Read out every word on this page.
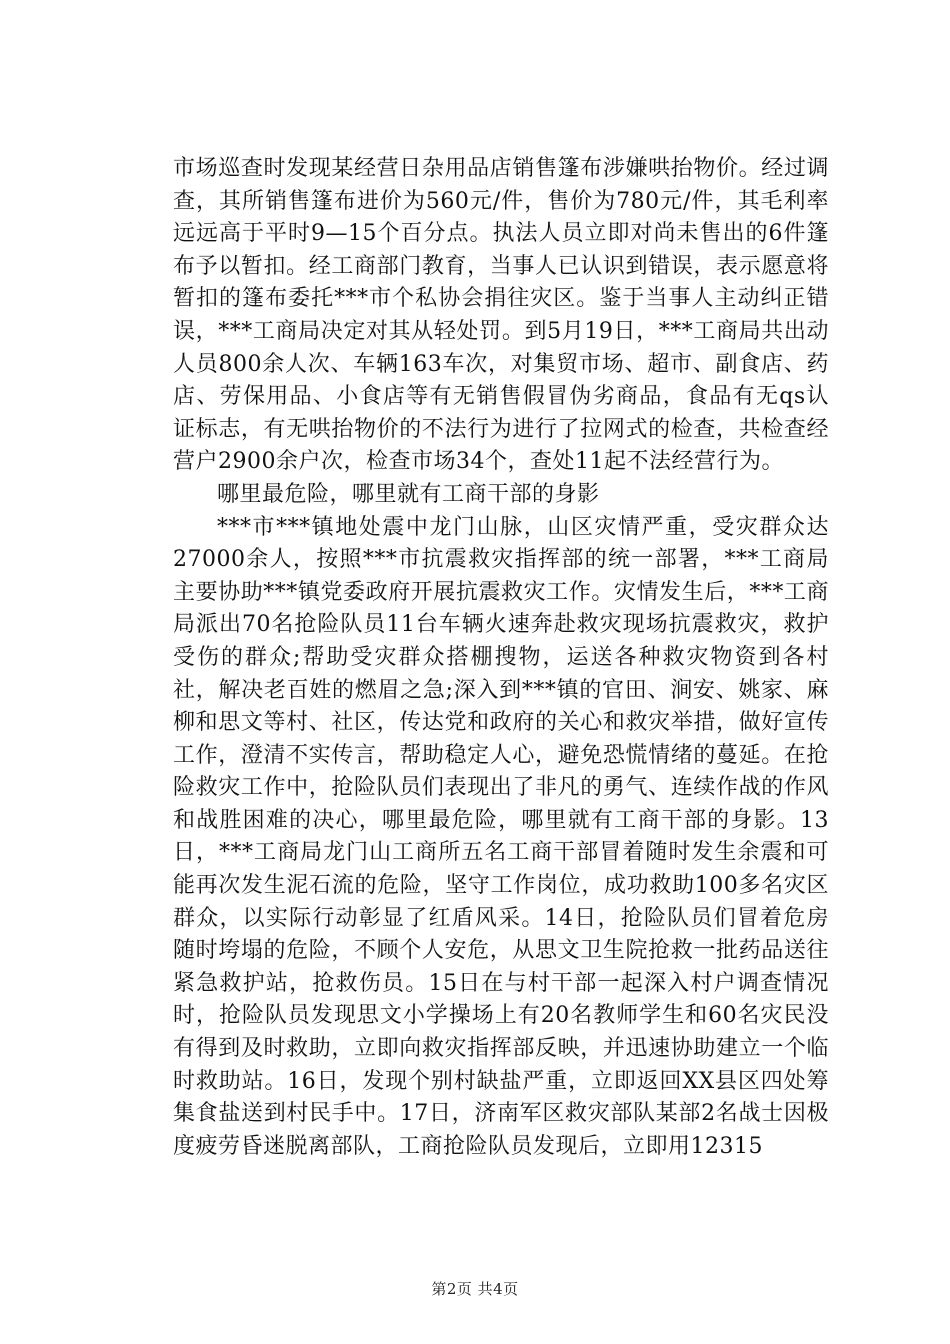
市场巡查时发现某经营日杂用品店销售篷布涉嫌哄抬物价。经过调查，其所销售篷布进价为560元/件，售价为780元/件，其毛利率远远高于平时9—15个百分点。执法人员立即对尚未售出的6件篷布予以暂扣。经工商部门教育，当事人已认识到错误，表示愿意将暂扣的篷布委托***市个私协会捐往灾区。鉴于当事人主动纠正错误，***工商局决定对其从轻处罚。到5月19日，***工商局共出动人员800余人次、车辆163车次，对集贸市场、超市、副食店、药店、劳保用品、小食店等有无销售假冒伪劣商品，食品有无qs认证标志，有无哄抬物价的不法行为进行了拉网式的检查，共检查经营户2900余户次，检查市场34个，查处11起不法经营行为。

哪里最危险，哪里就有工商干部的身影

***市***镇地处震中龙门山脉，山区灾情严重，受灾群众达27000余人，按照***市抗震救灾指挥部的统一部署，***工商局主要协助***镇党委政府开展抗震救灾工作。灾情发生后，***工商局派出70名抢险队员11台车辆火速奔赴救灾现场抗震救灾，救护受伤的群众;帮助受灾群众搭棚搜物，运送各种救灾物资到各村社，解决老百姓的燃眉之急;深入到***镇的官田、涧安、姚家、麻柳和思文等村、社区，传达党和政府的关心和救灾举措，做好宣传工作，澄清不实传言，帮助稳定人心，避免恐慌情绪的蔓延。在抢险救灾工作中，抢险队员们表现出了非凡的勇气、连续作战的作风和战胜困难的决心，哪里最危险，哪里就有工商干部的身影。13日，***工商局龙门山工商所五名工商干部冒着随时发生余震和可能再次发生泥石流的危险，坚守工作岗位，成功救助100多名灾区群众，以实际行动彰显了红盾风采。14日，抢险队员们冒着危房随时垮塌的危险，不顾个人安危，从思文卫生院抢救一批药品送往紧急救护站，抢救伤员。15日在与村干部一起深入村户调查情况时，抢险队员发现思文小学操场上有20名教师学生和60名灾民没有得到及时救助，立即向救灾指挥部反映，并迅速协助建立一个临时救助站。16日，发现个别村缺盐严重，立即返回XX县区四处筹集食盐送到村民手中。17日，济南军区救灾部队某部2名战士因极度疲劳昏迷脱离部队，工商抢险队员发现后，立即用12315

第2页 共4页
